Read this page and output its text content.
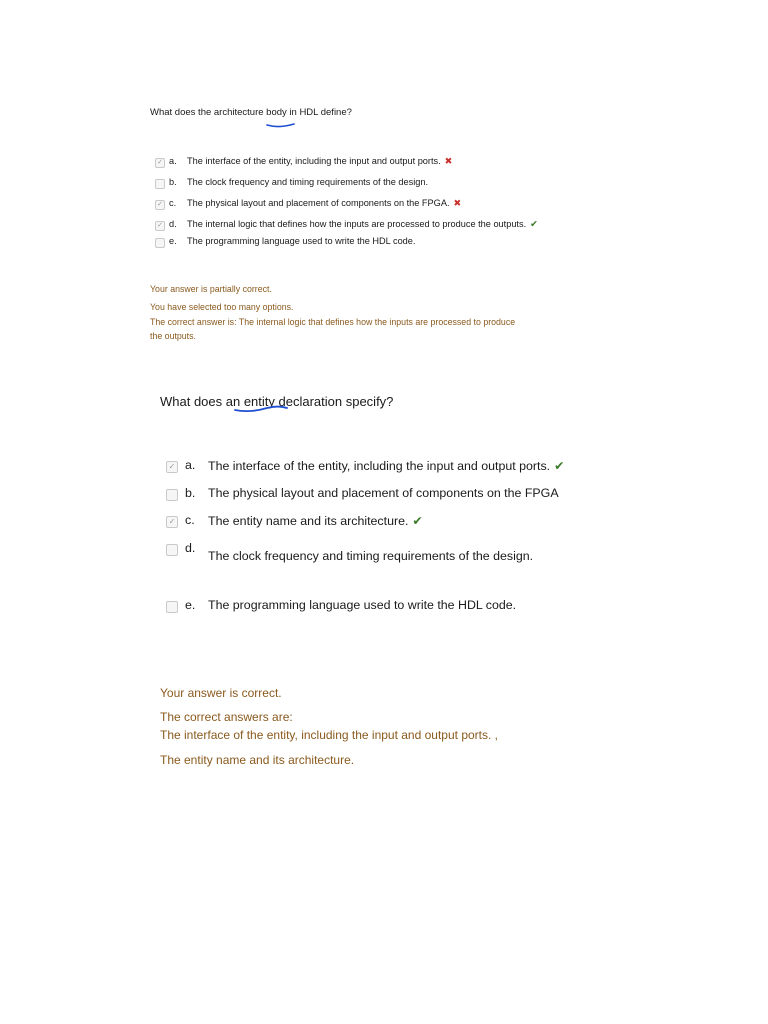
What does the architecture body in HDL define?
✓ a. The interface of the entity, including the input and output ports. ✖
b. The clock frequency and timing requirements of the design.
✓ c. The physical layout and placement of components on the FPGA. ✖
✓ d. The internal logic that defines how the inputs are processed to produce the outputs. ✔
e. The programming language used to write the HDL code.
Your answer is partially correct.
You have selected too many options.
The correct answer is: The internal logic that defines how the inputs are processed to produce
the outputs.
What does an entity declaration specify?
✓ a. The interface of the entity, including the input and output ports. ✔
b. The physical layout and placement of components on the FPGA
✓ c. The entity name and its architecture. ✔
d.
The clock frequency and timing requirements of the design.
e. The programming language used to write the HDL code.
Your answer is correct.
The correct answers are:
The interface of the entity, including the input and output ports. ,
The entity name and its architecture.
